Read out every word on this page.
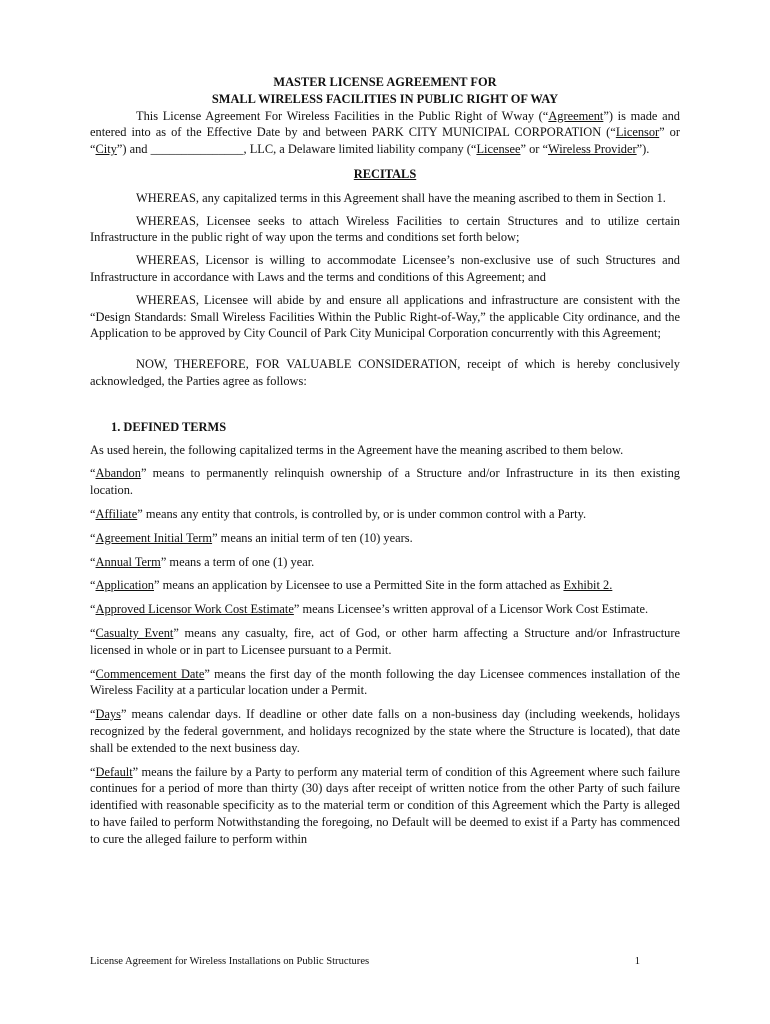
MASTER LICENSE AGREEMENT FOR

SMALL WIRELESS FACILITIES IN PUBLIC RIGHT OF WAY

This License Agreement For Wireless Facilities in the Public Right of Wway (“Agreement”) is made and entered into as of the Effective Date by and between PARK CITY MUNICIPAL CORPORATION (“Licensor” or “City”) and _______________, LLC, a Delaware limited liability company (“Licensee” or “Wireless Provider”).

RECITALS

WHEREAS, any capitalized terms in this Agreement shall have the meaning ascribed to them in Section 1.

WHEREAS, Licensee seeks to attach Wireless Facilities to certain Structures and to utilize certain Infrastructure in the public right of way upon the terms and conditions set forth below;

WHEREAS, Licensor is willing to accommodate Licensee’s non-exclusive use of such Structures and Infrastructure in accordance with Laws and the terms and conditions of this Agreement; and

WHEREAS, Licensee will abide by and ensure all applications and infrastructure are consistent with the “Design Standards: Small Wireless Facilities Within the Public Right-of-Way,” the applicable City ordinance, and the Application to be approved by City Council of Park City Municipal Corporation concurrently with this Agreement;

NOW, THEREFORE, FOR VALUABLE CONSIDERATION, receipt of which is hereby conclusively acknowledged, the Parties agree as follows:

1. DEFINED TERMS

As used herein, the following capitalized terms in the Agreement have the meaning ascribed to them below.

“Abandon” means to permanently relinquish ownership of a Structure and/or Infrastructure in its then existing location.

“Affiliate” means any entity that controls, is controlled by, or is under common control with a Party.

“Agreement Initial Term” means an initial term of ten (10) years.

“Annual Term” means a term of one (1) year.

“Application” means an application by Licensee to use a Permitted Site in the form attached as Exhibit 2.

“Approved Licensor Work Cost Estimate” means Licensee’s written approval of a Licensor Work Cost Estimate.

“Casualty Event” means any casualty, fire, act of God, or other harm affecting a Structure and/or Infrastructure licensed in whole or in part to Licensee pursuant to a Permit.

“Commencement Date” means the first day of the month following the day Licensee commences installation of the Wireless Facility at a particular location under a Permit.

“Days” means calendar days. If deadline or other date falls on a non-business day (including weekends, holidays recognized by the federal government, and holidays recognized by the state where the Structure is located), that date shall be extended to the next business day.

“Default” means the failure by a Party to perform any material term of condition of this Agreement where such failure continues for a period of more than thirty (30) days after receipt of written notice from the other Party of such failure identified with reasonable specificity as to the material term or condition of this Agreement which the Party is alleged to have failed to perform Notwithstanding the foregoing, no Default will be deemed to exist if a Party has commenced to cure the alleged failure to perform within

License Agreement for Wireless Installations on Public Structures	1
